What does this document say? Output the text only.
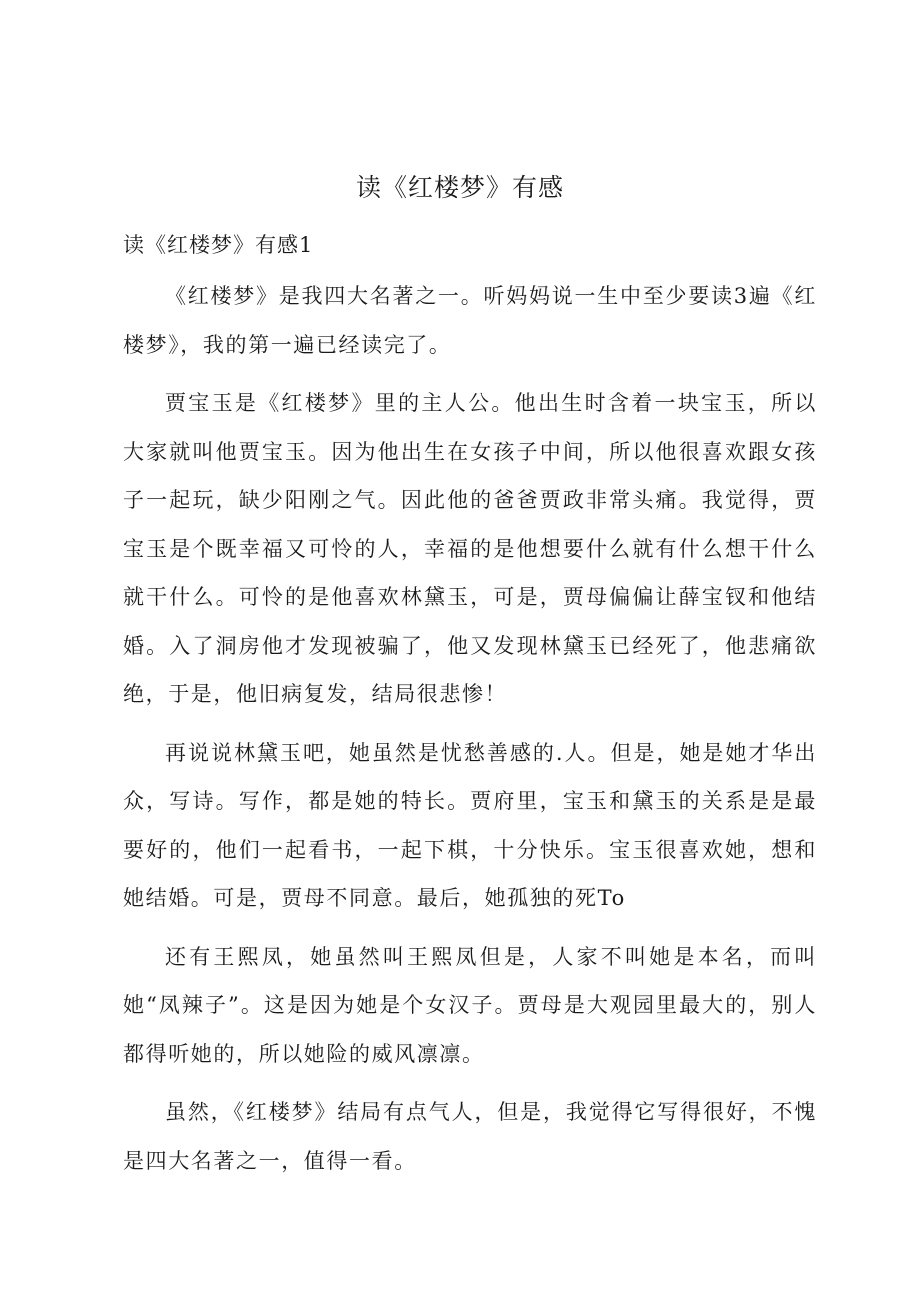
读《红楼梦》有感
读《红楼梦》有感1

《红楼梦》是我四大名著之一。听妈妈说一生中至少要读3遍《红楼梦》，我的第一遍已经读完了。

贾宝玉是《红楼梦》里的主人公。他出生时含着一块宝玉，所以大家就叫他贾宝玉。因为他出生在女孩子中间，所以他很喜欢跟女孩子一起玩，缺少阳刚之气。因此他的爸爸贾政非常头痛。我觉得，贾宝玉是个既幸福又可怜的人，幸福的是他想要什么就有什么想干什么就干什么。可怜的是他喜欢林黛玉，可是，贾母偏偏让薛宝钗和他结婚。入了洞房他才发现被骗了，他又发现林黛玉已经死了，他悲痛欲绝，于是，他旧病复发，结局很悲惨！

再说说林黛玉吧，她虽然是忧愁善感的.人。但是，她是她才华出众，写诗。写作，都是她的特长。贾府里，宝玉和黛玉的关系是是最要好的，他们一起看书，一起下棋，十分快乐。宝玉很喜欢她，想和她结婚。可是，贾母不同意。最后，她孤独的死To

还有王熙凤，她虽然叫王熙凤但是，人家不叫她是本名，而叫她“凤辣子”。这是因为她是个女汉子。贾母是大观园里最大的，别人都得听她的，所以她险的威风凛凛。

虽然，《红楼梦》结局有点气人，但是，我觉得它写得很好，不愧是四大名著之一，值得一看。
